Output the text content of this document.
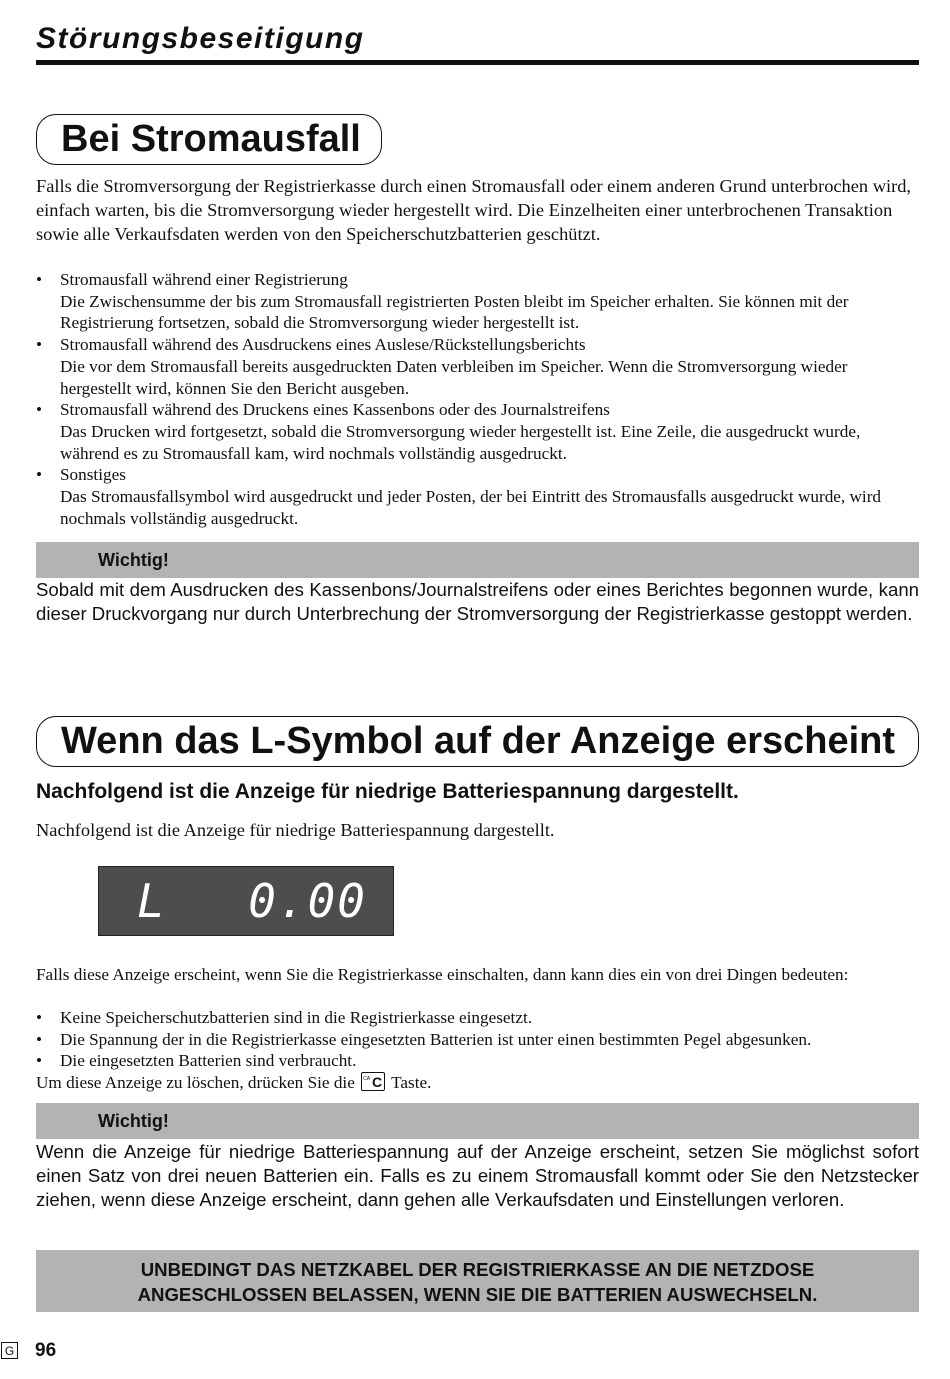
Störungsbeseitigung
Bei Stromausfall
Falls die Stromversorgung der Registrierkasse durch einen Stromausfall oder einem anderen Grund unterbrochen wird, einfach warten, bis die Stromversorgung wieder hergestellt wird. Die Einzelheiten einer unterbrochenen Transaktion sowie alle Verkaufsdaten werden von den Speicherschutzbatterien geschützt.
• Stromausfall während einer Registrierung
Die Zwischensumme der bis zum Stromausfall registrierten Posten bleibt im Speicher erhalten. Sie können mit der Registrierung fortsetzen, sobald die Stromversorgung wieder hergestellt ist.
• Stromausfall während des Ausdruckens eines Auslese/Rückstellungsberichts
Die vor dem Stromausfall bereits ausgedruckten Daten verbleiben im Speicher. Wenn die Stromversorgung wieder hergestellt wird, können Sie den Bericht ausgeben.
• Stromausfall während des Druckens eines Kassenbons oder des Journalstreifens
Das Drucken wird fortgesetzt, sobald die Stromversorgung wieder hergestellt ist. Eine Zeile, die ausgedruckt wurde, während es zu Stromausfall kam, wird nochmals vollständig ausgedruckt.
• Sonstiges
Das Stromausfallsymbol wird ausgedruckt und jeder Posten, der bei Eintritt des Stromausfalls ausgedruckt wurde, wird nochmals vollständig ausgedruckt.
Wichtig!
Sobald mit dem Ausdrucken des Kassenbons/Journalstreifens oder eines Berichtes begonnen wurde, kann dieser Druckvorgang nur durch Unterbrechung der Stromversorgung der Registrierkasse gestoppt werden.
Wenn das L-Symbol auf der Anzeige erscheint
Nachfolgend ist die Anzeige für niedrige Batteriespannung dargestellt.
Nachfolgend ist die Anzeige für niedrige Batteriespannung dargestellt.
L 0.00
Falls diese Anzeige erscheint, wenn Sie die Registrierkasse einschalten, dann kann dies ein von drei Dingen bedeuten:
• Keine Speicherschutzbatterien sind in die Registrierkasse eingesetzt.
• Die Spannung der in die Registrierkasse eingesetzten Batterien ist unter einen bestimmten Pegel abgesunken.
• Die eingesetzten Batterien sind verbraucht.
Um diese Anzeige zu löschen, drücken Sie die CA C Taste.
Wichtig!
Wenn die Anzeige für niedrige Batteriespannung auf der Anzeige erscheint, setzen Sie möglichst sofort einen Satz von drei neuen Batterien ein. Falls es zu einem Stromausfall kommt oder Sie den Netzstecker ziehen, wenn diese Anzeige erscheint, dann gehen alle Verkaufsdaten und Einstellungen verloren.
UNBEDINGT DAS NETZKABEL DER REGISTRIERKASSE AN DIE NETZDOSE
ANGESCHLOSSEN BELASSEN, WENN SIE DIE BATTERIEN AUSWECHSELN.
G 96
